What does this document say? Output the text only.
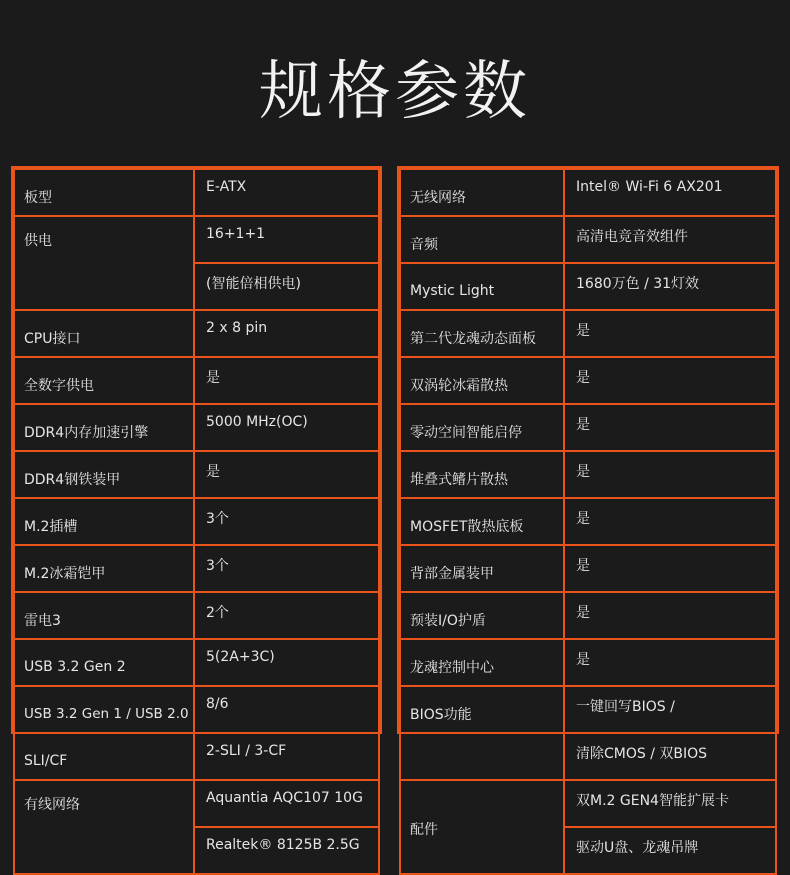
规格参数
板型	E-ATX
供电	16+1+1
	(智能倍相供电)
CPU接口	2 x 8 pin
全数字供电	是
DDR4内存加速引擎	5000 MHz(OC)
DDR4钢铁装甲	是
M.2插槽	3个
M.2冰霜铠甲	3个
雷电3	2个
USB 3.2 Gen 2	5(2A+3C)
USB 3.2 Gen 1 / USB 2.0	8/6
SLI/CF	2-SLI / 3-CF
有线网络	Aquantia AQC107 10G
	Realtek® 8125B 2.5G
无线网络	Intel® Wi-Fi 6 AX201
音频	高清电竞音效组件
Mystic Light	1680万色 / 31灯效
第二代龙魂动态面板	是
双涡轮冰霜散热	是
零动空间智能启停	是
堆叠式鳍片散热	是
MOSFET散热底板	是
背部金属装甲	是
预装I/O护盾	是
龙魂控制中心	是
BIOS功能	一键回写BIOS /
	清除CMOS / 双BIOS
配件	双M.2 GEN4智能扩展卡
	驱动U盘、龙魂吊牌
